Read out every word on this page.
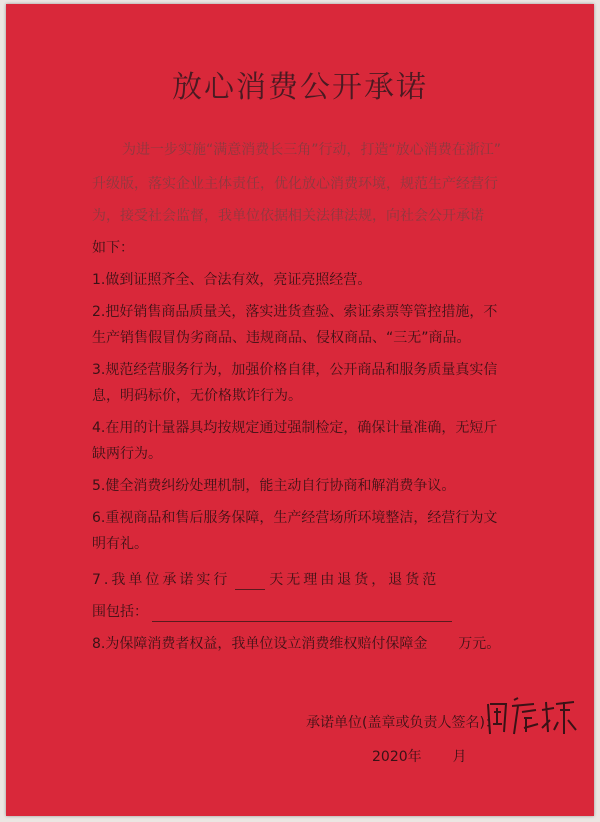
放心消费公开承诺
为进一步实施“满意消费长三角”行动，打造“放心消费在浙江”
升级版，落实企业主体责任，优化放心消费环境，规范生产经营行
为，接受社会监督，我单位依据相关法律法规，向社会公开承诺
如下：
1.做到证照齐全、合法有效，亮证亮照经营。
2.把好销售商品质量关，落实进货查验、索证索票等管控措施，不
生产销售假冒伪劣商品、违规商品、侵权商品、“三无”商品。
3.规范经营服务行为，加强价格自律，公开商品和服务质量真实信
息，明码标价，无价格欺诈行为。
4.在用的计量器具均按规定通过强制检定，确保计量准确，无短斤
缺两行为。
5.健全消费纠纷处理机制，能主动自行协商和解消费争议。
6.重视商品和售后服务保障，生产经营场所环境整洁，经营行为文
明有礼。
7.我单位承诺实行	天无理由退货，退货范
围包括：
8.为保障消费者权益，我单位设立消费维权赔付保障金 万元。
承诺单位(盖章或负责人签名)：
2020年 月
